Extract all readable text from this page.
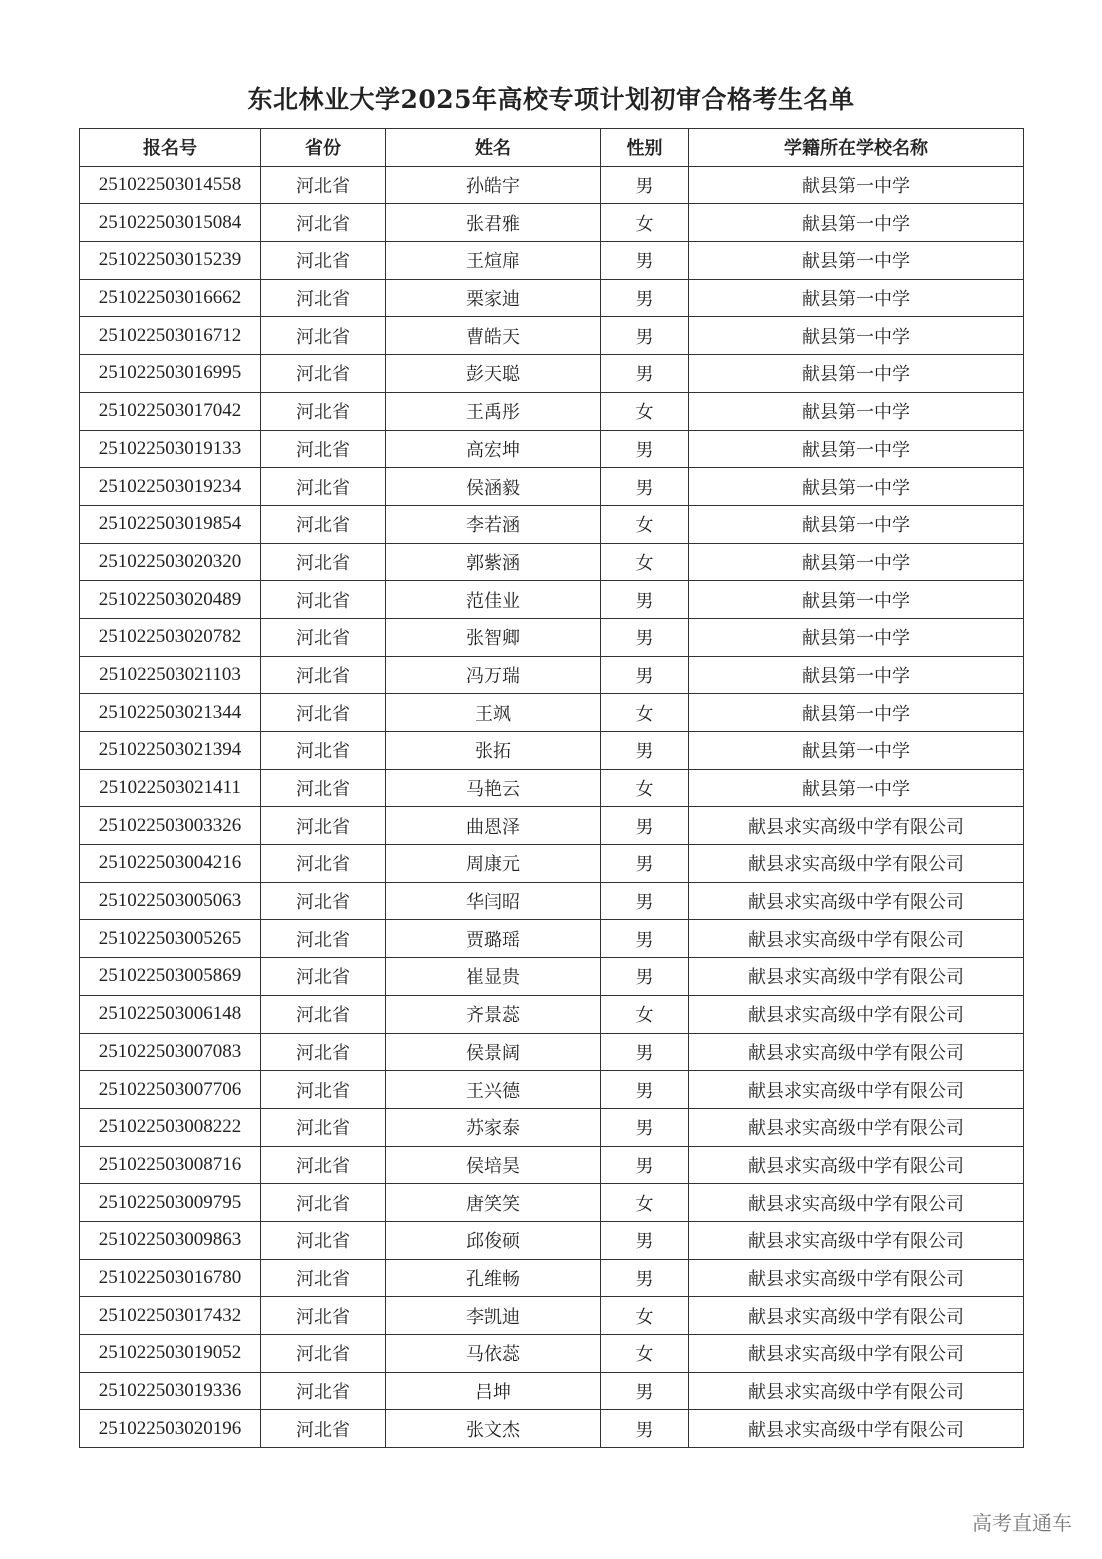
东北林业大学2025年高校专项计划初审合格考生名单
报名号	省份	姓名	性别	学籍所在学校名称
251022503014558	河北省	孙皓宇	男	献县第一中学
251022503015084	河北省	张君雅	女	献县第一中学
251022503015239	河北省	王煊扉	男	献县第一中学
251022503016662	河北省	栗家迪	男	献县第一中学
251022503016712	河北省	曹皓天	男	献县第一中学
251022503016995	河北省	彭天聪	男	献县第一中学
251022503017042	河北省	王禹彤	女	献县第一中学
251022503019133	河北省	高宏坤	男	献县第一中学
251022503019234	河北省	侯涵毅	男	献县第一中学
251022503019854	河北省	李若涵	女	献县第一中学
251022503020320	河北省	郭紫涵	女	献县第一中学
251022503020489	河北省	范佳业	男	献县第一中学
251022503020782	河北省	张智卿	男	献县第一中学
251022503021103	河北省	冯万瑞	男	献县第一中学
251022503021344	河北省	王飒	女	献县第一中学
251022503021394	河北省	张拓	男	献县第一中学
251022503021411	河北省	马艳云	女	献县第一中学
251022503003326	河北省	曲恩泽	男	献县求实高级中学有限公司
251022503004216	河北省	周康元	男	献县求实高级中学有限公司
251022503005063	河北省	华闫昭	男	献县求实高级中学有限公司
251022503005265	河北省	贾璐瑶	男	献县求实高级中学有限公司
251022503005869	河北省	崔显贵	男	献县求实高级中学有限公司
251022503006148	河北省	齐景蕊	女	献县求实高级中学有限公司
251022503007083	河北省	侯景阔	男	献县求实高级中学有限公司
251022503007706	河北省	王兴德	男	献县求实高级中学有限公司
251022503008222	河北省	苏家泰	男	献县求实高级中学有限公司
251022503008716	河北省	侯培昊	男	献县求实高级中学有限公司
251022503009795	河北省	唐笑笑	女	献县求实高级中学有限公司
251022503009863	河北省	邱俊硕	男	献县求实高级中学有限公司
251022503016780	河北省	孔维畅	男	献县求实高级中学有限公司
251022503017432	河北省	李凯迪	女	献县求实高级中学有限公司
251022503019052	河北省	马依蕊	女	献县求实高级中学有限公司
251022503019336	河北省	吕坤	男	献县求实高级中学有限公司
251022503020196	河北省	张文杰	男	献县求实高级中学有限公司
高考直通车
